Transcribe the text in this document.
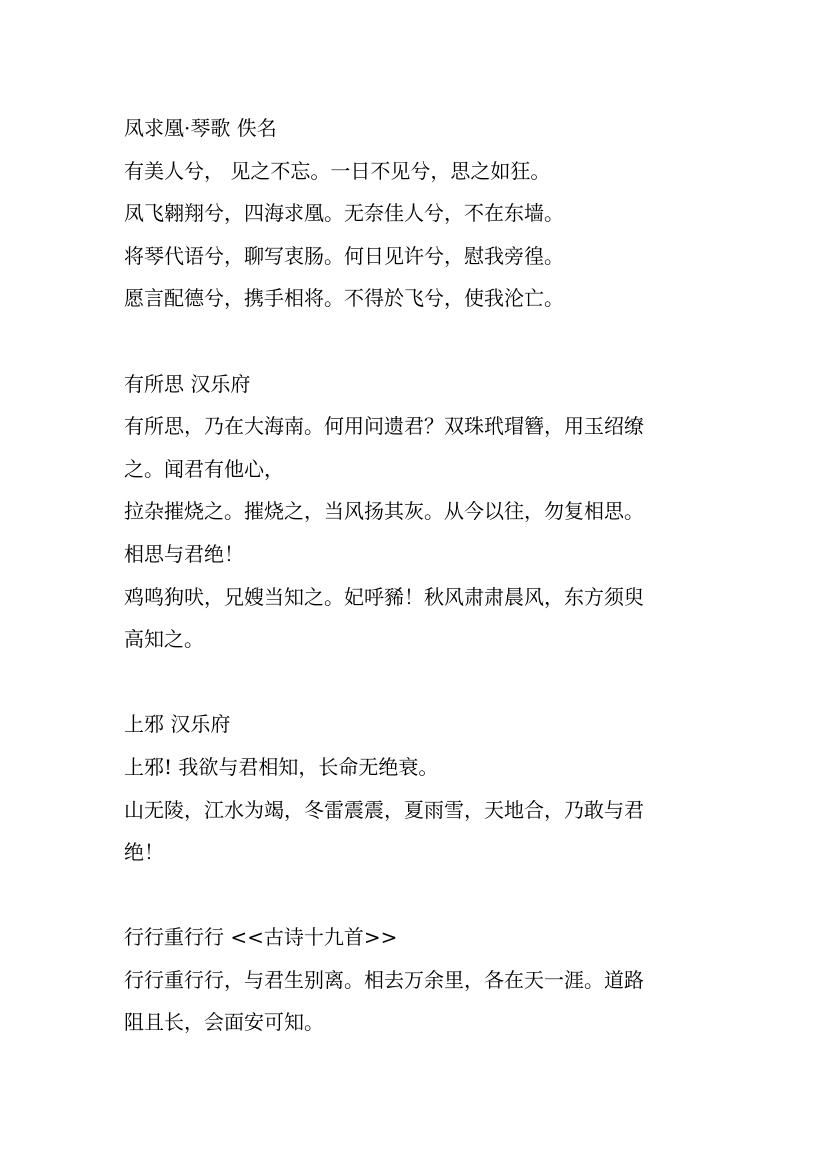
凤求凰·琴歌 佚名
有美人兮， 见之不忘。一日不见兮，思之如狂。
凤飞翱翔兮，四海求凰。无奈佳人兮，不在东墙。
将琴代语兮，聊写衷肠。何日见许兮，慰我旁徨。
愿言配德兮，携手相将。不得於飞兮，使我沦亡。
有所思 汉乐府
有所思，乃在大海南。何用问遗君？双珠玳瑁簪，用玉绍缭
之。闻君有他心，
拉杂摧烧之。摧烧之，当风扬其灰。从今以往，勿复相思。
相思与君绝！
鸡鸣狗吠，兄嫂当知之。妃呼豨！秋风肃肃晨风，东方须臾
高知之。
上邪 汉乐府
上邪! 我欲与君相知，长命无绝衰。
山无陵，江水为竭，冬雷震震，夏雨雪，天地合，乃敢与君
绝！
行行重行行 <<古诗十九首>>
行行重行行，与君生别离。相去万余里，各在天一涯。道路
阻且长，会面安可知。
